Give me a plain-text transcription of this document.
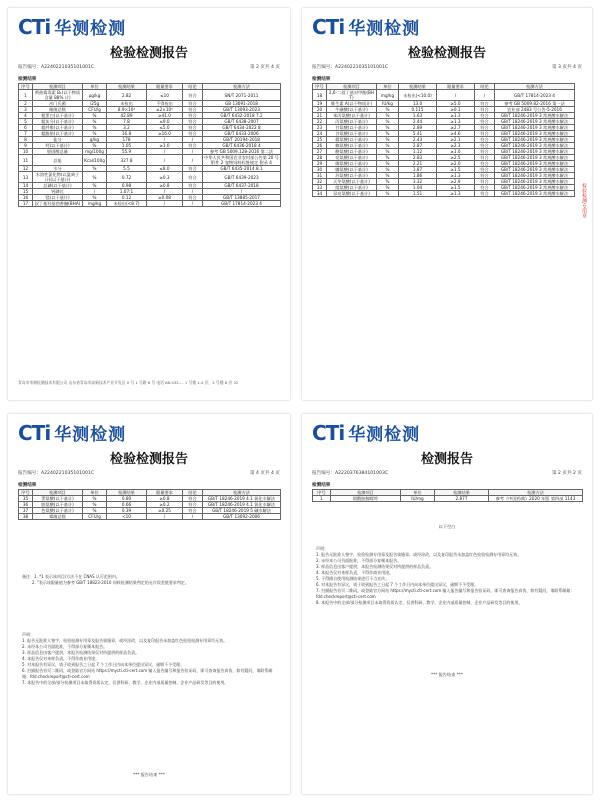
CTi 华测检测
检验检测报告
报告编号：A2240221035101001C	第 2 页共 4 页
检测结果
序号	检测项目	单位	检测结果	限量要求	结论	检测方法
1	黄曲霉毒素 B₁(以干物质含量 88% 计)	μg/kg	2.82	≤10	符合	SN/T 2071-2011
2	沙门氏菌	/25g	未检出	不得检出	符合	GB 13091-2018
3	细菌总数	CFU/g	8.9×10⁴	≤2×10⁶	符合	GB/T 13093-2023
4	粗蛋白(以干基计)	%	42.89	≥41.0	符合	GB/T 6432-2018 7.2
5	粗灰分(以干基计)	%	7.8	≤9.0	符合	GB/T 6438-2007
6	粗纤维(以干基计)	%	3.2	≤5.0	符合	GB/T 6434-2022 8
7	粗脂肪(以干基计)	%	16.8	≥16.0	符合	GB/T 6433-2006
8	盐分	g/kg	178	/	/	GB/T 20194-2018
9	钙(以干基计)	%	1.05	≥1.0	符合	GB/T 6436-2018 4
10	胆固醇总量	mg/100g	55.9	/	/	参考 GB 5009.128-2016 第二法
11	总能	Kcal/100g	327.8	/	/	中华人民共和国农业农村部公告第 20 号附件 2 宠物饲料标签规定 附录 4
12	水分	%	5.5	≤8.0	符合	GB/T 6435-2014 8.1
13	水溶性氯化物(以氯离子计)(以干基计)	%	0.72	≥0.3	符合	GB/T 6439-2023
14	总磷(以干基计)	%	0.98	≥0.8	符合	GB/T 6437-2018
15	钙磷比	/	1.07:1	/	/	/
16	镁(以干基计)	%	0.12	≥0.08	符合	GB/T 13885-2017
17	叔丁基羟基茴香醚(BHA)	mg/kg	未检出(<8.7)	/	/	GB/T 17814-2023 4
青岛市华测检测技术有限公司 山东省青岛市高新技术产业开发区 0 号 1 号路 6 号 电话 86-532-... 1 号楼 1-4 层，2 号楼 8 层 32
CTi 华测检测
检验检测报告
报告编号：A2240221035101001C	第 3 页共 4 页
检测结果
序号	检测项目	单位	检测结果	限量要求	结论	检测方法
18	2,6-二叔丁基对甲酚(BHT)	mg/kg	未检出(<10.0)	/	/	GB/T 17814-2023 4
19	维生素 A(以干物质计)	IU/kg	13.0	≥5.0	符合	参考 GB 5009.82-2016 第一法
20	牛磺酸(以干基计)	%	0.115	≥0.1	符合	农业部 2483 号公告-5-2016
21	苯丙氨酸(以干基计)	%	1.63	≥1.3	符合	GB/T 18246-2019 3 常规酸水解法
22	丙氨酸(以干基计)	%	2.44	≥1.3	符合	GB/T 18246-2019 3 常规酸水解法
23	甘氨酸(以干基计)	%	2.89	≥2.7	符合	GB/T 18246-2019 3 常规酸水解法
24	谷氨酸(以干基计)	%	5.41	≥4.6	符合	GB/T 18246-2019 3 常规酸水解法
25	精氨酸(以干基计)	%	2.43	≥2.1	符合	GB/T 18246-2019 3 常规酸水解法
26	赖氨酸(以干基计)	%	2.87	≥2.3	符合	GB/T 18246-2019 3 常规酸水解法
27	酪氨酸(以干基计)	%	1.12	≥1.0	符合	GB/T 18246-2019 3 常规酸水解法
28	亮氨酸(以干基计)	%	2.83	≥2.5	符合	GB/T 18246-2019 3 常规酸水解法
29	缬氨酸(以干基计)	%	2.21	≥2.0	符合	GB/T 18246-2019 3 常规酸水解法
30	脯氨酸(以干基计)	%	1.87	≥1.5	符合	GB/T 18246-2019 3 常规酸水解法
31	苏氨酸(以干基计)	%	1.86	≥1.3	符合	GB/T 18246-2019 3 常规酸水解法
32	天冬氨酸(以干基计)	%	3.32	≥2.9	符合	GB/T 18246-2019 3 常规酸水解法
33	组氨酸(以干基计)	%	1.04	≥1.5	符合	GB/T 18246-2019 3 常规酸水解法
34	异亮氨酸(以干基计)	%	1.51	≥1.3	符合	GB/T 18246-2019 3 常规酸水解法	检验检测专用章
CTi 华测检测
检验检测报告
报告编号：A2240221035101001C	第 4 页共 4 页
检测结果
序号	检测项目	单位	检测结果	限量要求	结论	检测方法
35	蛋氨酸(以干基计)	%	0.80	≥0.8	符合	GB/T 18246-2019 4.1 氧化水解法
36	胱氨酸(以干基计)	%	0.66	≥0.2	符合	GB/T 18246-2019 4.1 氧化水解法
37	色氨酸(以干基计)	%	0.39	≥0.25	符合	GB/T 18246-2019 5 碱水解法
38	霉菌总数	CFU/g	<10	/	/	GB/T 13092-2006
备注：1. *1 表示该项目/方法不在 CNAS 认可范围内。
2. "表示该限量值为参考 GB/T 18823-2010 饲料检测结果判定的允许误差值要求判定。
声明：
1. 报告无批准人签字，检验检测专用章及报告骑缝章，或经涂改，以及复印报告未加盖红色检验检测专用章均无效。
2. 未经本公司书面批准，不得部分复制本报告。
3. 样品信息由客户提供，本报告检测结果仅对所提供的样品负责。
4. 本报告仅对来样负责，不得作商业用途。
5. 对本报告有异议，请于收到报告之日起 7 个工作日内向本单位提出异议，逾期不予受理。
6. 扫描报告首页二维码，或登陆官方网站 https://mycti.cti-cert.com 输入报告编号和报告验证码，即可查询报告真伪，如有疑问，请联系邮箱：fdd.checkreport@cti-cert.com
7. 本报告中的全部/部分检测项目未取得资质认定，仅供科研、教学、企业内部质量控制、企业产品研发等目的使用。
*** 报告结束 ***
CTi 华测检测
检测报告
报告编号：A2220376384101003C	第 2 页共 2 页
检测结果
序号	检测项目	单位	检测结果	检测方法
1	烟酰胺腺嘌呤	IU/mg	2.877	参考《中国药典》2020 年版 第四部 1143
以下空白
声明：
1. 报告无批准人签字，检验检测专用章及报告骑缝章，或经涂改，以及复印报告未加盖红色检验检测专用章均无效。
2. 未经本公司书面批准，不得部分复制本报告。
3. 样品信息由客户提供，本报告检测结果仅对所提供的样品负责。
4. 本报告仅对来样负责，不得作商业用途。
5. 不得擅自使用检测结果进行不当宣传。
6. 对本报告有异议，请于收到报告之日起 7 个工作日内向本单位提出异议，逾期不予受理。
7. 扫描报告首页二维码，或登陆官方网站 https://mycti.cti-cert.com 输入报告编号和报告验证码，即可查询报告真伪，如有疑问，请联系邮箱：fdd.checkreport@cti-cert.com
8. 本报告中的全部/部分检测项目未取得资质认定，仅供科研、教学、企业内部质量控制、企业产品研发等目的使用。
*** 报告结束 ***
